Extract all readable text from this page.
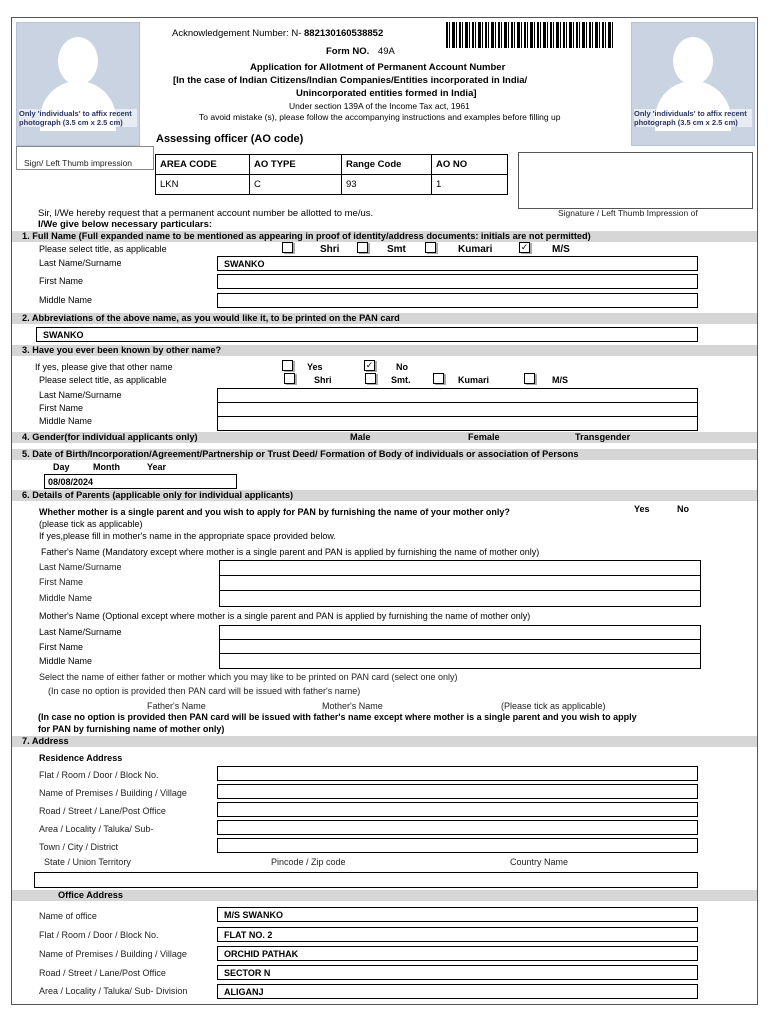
Only 'individuals' to affix recent photograph (3.5 cm x 2.5 cm)
Only 'individuals' to affix recent photograph (3.5 cm x 2.5 cm)
Sign/ Left Thumb impression
Acknowledgement Number: N- 882130160538852
Form NO. 49A
Application for Allotment of Permanent Account Number
[In the case of Indian Citizens/Indian Companies/Entities incorporated in India/
Unincorporated entities formed in India]
Under section 139A of the Income Tax act, 1961
To avoid mistake (s), please follow the accompanying instructions and examples before filling up
Assessing officer (AO code)
AREA CODE	AO TYPE	Range Code	AO NO
LKN	C	93	1
Signature / Left Thumb Impression of
Sir, I/We hereby request that a permanent account number be allotted to me/us.
I/We give below necessary particulars:
1. Full Name (Full expanded name to be mentioned as appearing in proof of identity/address documents: initials are not permitted)
Please select title, as applicable	Shri	Smt	Kumari	✓ M/S
Last Name/Surname	SWANKO
First Name
Middle Name
2. Abbreviations of the above name, as you would like it, to be printed on the PAN card
SWANKO
3. Have you ever been known by other name?
If yes, please give that other name	Yes	✓	No
Please select title, as applicable	Shri	Smt.	Kumari	M/S
Last Name/Surname
First Name
Middle Name
4. Gender(for individual applicants only)	Male	Female	Transgender
5. Date of Birth/Incorporation/Agreement/Partnership or Trust Deed/ Formation of Body of individuals or association of Persons
Day	Month	Year
08/08/2024
6. Details of Parents (applicable only for individual applicants)
Whether mother is a single parent and you wish to apply for PAN by furnishing the name of your mother only?	Yes	No
(please tick as applicable)
If yes,please fill in mother's name in the appropriate space provided below.
Father's Name (Mandatory except where mother is a single parent and PAN is applied by furnishing the name of mother only)
Last Name/Surname
First Name
Middle Name
Mother's Name (Optional except where mother is a single parent and PAN is applied by furnishing the name of mother only)
Last Name/Surname
First Name
Middle Name
Select the name of either father or mother which you may like to be printed on PAN card (select one only)
(In case no option is provided then PAN card will be issued with father's name)
Father's Name	Mother's Name	(Please tick as applicable)
(In case no option is provided then PAN card will be issued with father's name except where mother is a single parent and you wish to apply
for PAN by furnishing name of mother only)
7. Address
Residence Address
Flat / Room / Door / Block No.
Name of Premises / Building / Village
Road / Street / Lane/Post Office
Area / Locality / Taluka/ Sub-
Town / City / District
State / Union Territory	Pincode / Zip code	Country Name
Office Address
Name of office	M/S SWANKO
Flat / Room / Door / Block No.	FLAT NO. 2
Name of Premises / Building / Village	ORCHID PATHAK
Road / Street / Lane/Post Office	SECTOR N
Area / Locality / Taluka/ Sub- Division	ALIGANJ
